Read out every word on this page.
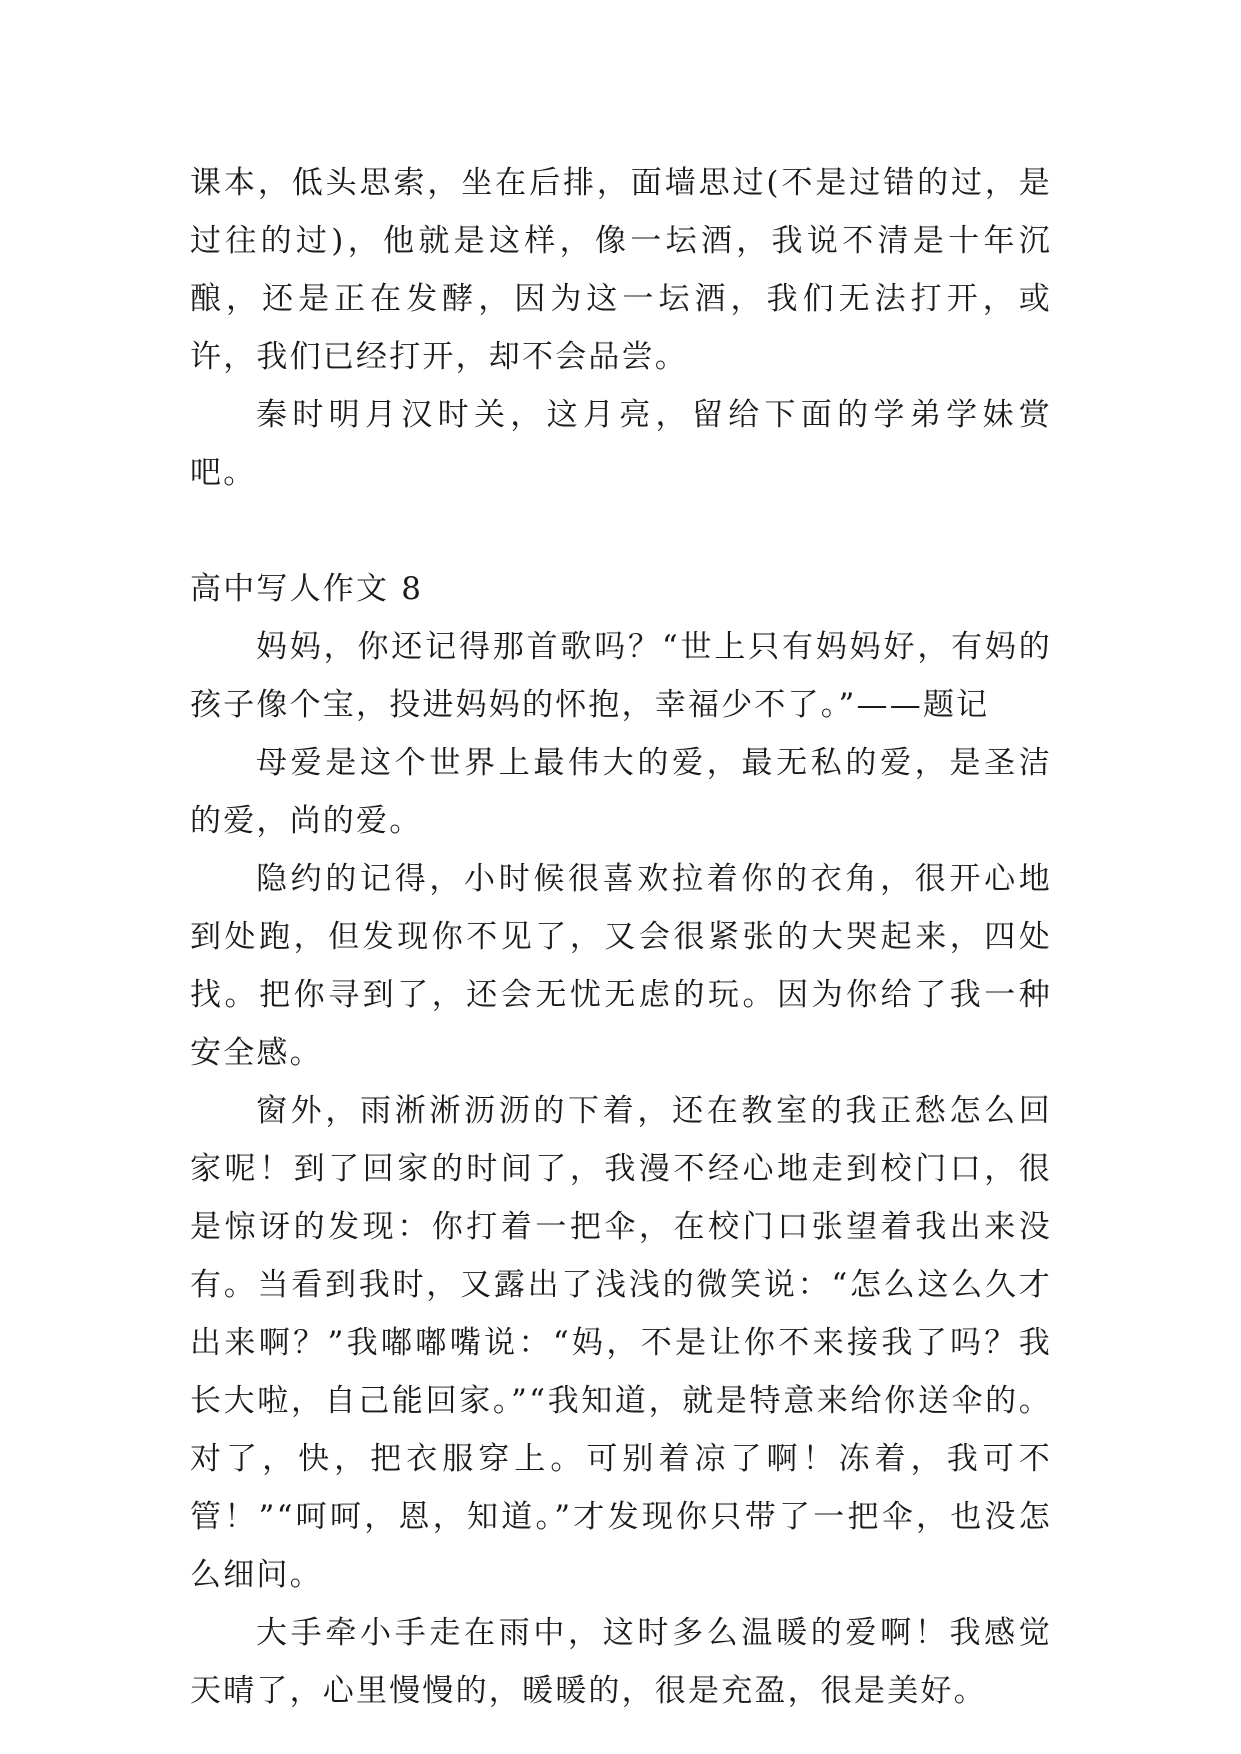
课本，低头思索，坐在后排，面墙思过(不是过错的过，是过往的过)，他就是这样，像一坛酒，我说不清是十年沉酿，还是正在发酵，因为这一坛酒，我们无法打开，或许，我们已经打开，却不会品尝。

秦时明月汉时关，这月亮，留给下面的学弟学妹赏吧。

高中写人作文 8

妈妈，你还记得那首歌吗？“世上只有妈妈好，有妈的孩子像个宝，投进妈妈的怀抱，幸福少不了。”——题记

母爱是这个世界上最伟大的爱，最无私的爱，是圣洁的爱，尚的爱。

隐约的记得，小时候很喜欢拉着你的衣角，很开心地到处跑，但发现你不见了，又会很紧张的大哭起来，四处找。把你寻到了，还会无忧无虑的玩。因为你给了我一种安全感。

窗外，雨淅淅沥沥的下着，还在教室的我正愁怎么回家呢！到了回家的时间了，我漫不经心地走到校门口，很是惊讶的发现：你打着一把伞，在校门口张望着我出来没有。当看到我时，又露出了浅浅的微笑说：“怎么这么久才出来啊？”我嘟嘟嘴说：“妈，不是让你不来接我了吗？我长大啦，自己能回家。”“我知道，就是特意来给你送伞的。对了，快，把衣服穿上。可别着凉了啊！冻着，我可不管！”“呵呵，恩，知道。”才发现你只带了一把伞，也没怎么细问。

大手牵小手走在雨中，这时多么温暖的爱啊！我感觉天晴了，心里慢慢的，暖暖的，很是充盈，很是美好。
